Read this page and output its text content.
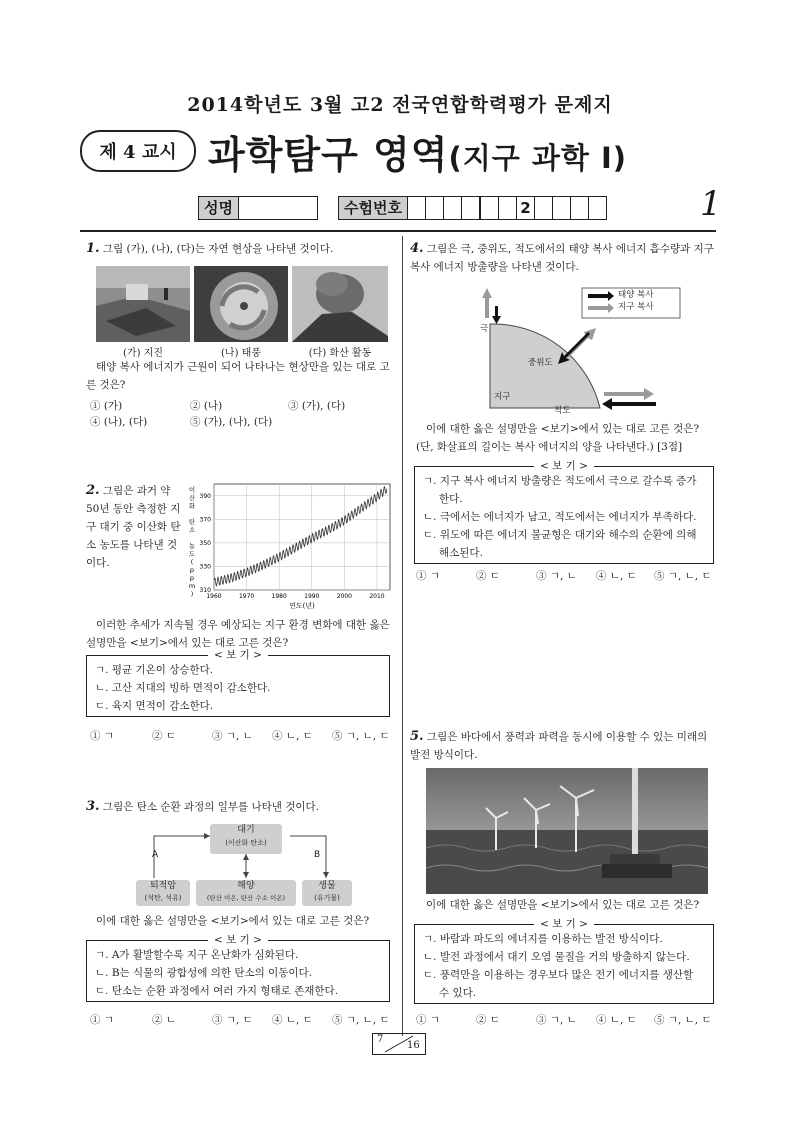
2014학년도 3월 고2 전국연합학력평가 문제지
제 4 교시 과학탐구 영역(지구 과학 Ⅰ)
성명	수험번호	2	1
1. 그림 (가), (나), (다)는 자연 현상을 나타낸 것이다.
(가) 지진	(나) 태풍	(다) 화산 활동
태양 복사 에너지가 근원이 되어 나타나는 현상만을 있는 대로 고른 것은?
① (가)	② (나)	③ (가), (다)
④ (나), (다)	⑤ (가), (나), (다)
2. 그림은 과거 약 50년 동안 측정한 지구 대기 중 이산화 탄소 농도를 나타낸 것이다.
1960	1970	1980	1990	2000	2010
310
330
350
370
390
연도(년)
이
산
화
탄
소
농
도
(
p
p
m
)
이러한 추세가 지속될 경우 예상되는 지구 환경 변화에 대한 옳은 설명만을 <보기>에서 있는 대로 고른 것은?
< 보 기 >
ㄱ. 평균 기온이 상승한다.
ㄴ. 고산 지대의 빙하 면적이 감소한다.
ㄷ. 육지 면적이 감소한다.
① ㄱ	② ㄷ	③ ㄱ, ㄴ ④ ㄴ, ㄷ ⑤ ㄱ, ㄴ, ㄷ
3. 그림은 탄소 순환 과정의 일부를 나타낸 것이다.
대기
(이산화 탄소)
퇴적암
(석탄, 석유)
해양
(탄산 이온, 탄산 수소 이온)
생물
(유기물)
A	B
이에 대한 옳은 설명만을 <보기>에서 있는 대로 고른 것은?
< 보 기 >
ㄱ. A가 활발할수록 지구 온난화가 심화된다.
ㄴ. B는 식물의 광합성에 의한 탄소의 이동이다.
ㄷ. 탄소는 순환 과정에서 여러 가지 형태로 존재한다.
① ㄱ	② ㄴ	③ ㄱ, ㄷ ④ ㄴ, ㄷ ⑤ ㄱ, ㄴ, ㄷ
4. 그림은 극, 중위도, 적도에서의 태양 복사 에너지 흡수량과 지구 복사 에너지 방출량을 나타낸 것이다.
태양 복사
지구 복사
극
중위도
지구
적도
이에 대한 옳은 설명만을 <보기>에서 있는 대로 고른 것은? (단, 화살표의 길이는 복사 에너지의 양을 나타낸다.) [3점]
< 보 기 >
ㄱ. 지구 복사 에너지 방출량은 적도에서 극으로 갈수록 증가한다.
ㄴ. 극에서는 에너지가 남고, 적도에서는 에너지가 부족하다.
ㄷ. 위도에 따른 에너지 불균형은 대기와 해수의 순환에 의해 해소된다.
① ㄱ	② ㄷ	③ ㄱ, ㄴ ④ ㄴ, ㄷ ⑤ ㄱ, ㄴ, ㄷ
5. 그림은 바다에서 풍력과 파력을 동시에 이용할 수 있는 미래의 발전 방식이다.
이에 대한 옳은 설명만을 <보기>에서 있는 대로 고른 것은?
< 보 기 >
ㄱ. 바람과 파도의 에너지를 이용하는 발전 방식이다.
ㄴ. 발전 과정에서 대기 오염 물질을 거의 방출하지 않는다.
ㄷ. 풍력만을 이용하는 경우보다 많은 전기 에너지를 생산할 수 있다.
① ㄱ	② ㄷ	③ ㄱ, ㄴ ④ ㄴ, ㄷ ⑤ ㄱ, ㄴ, ㄷ
7
16
